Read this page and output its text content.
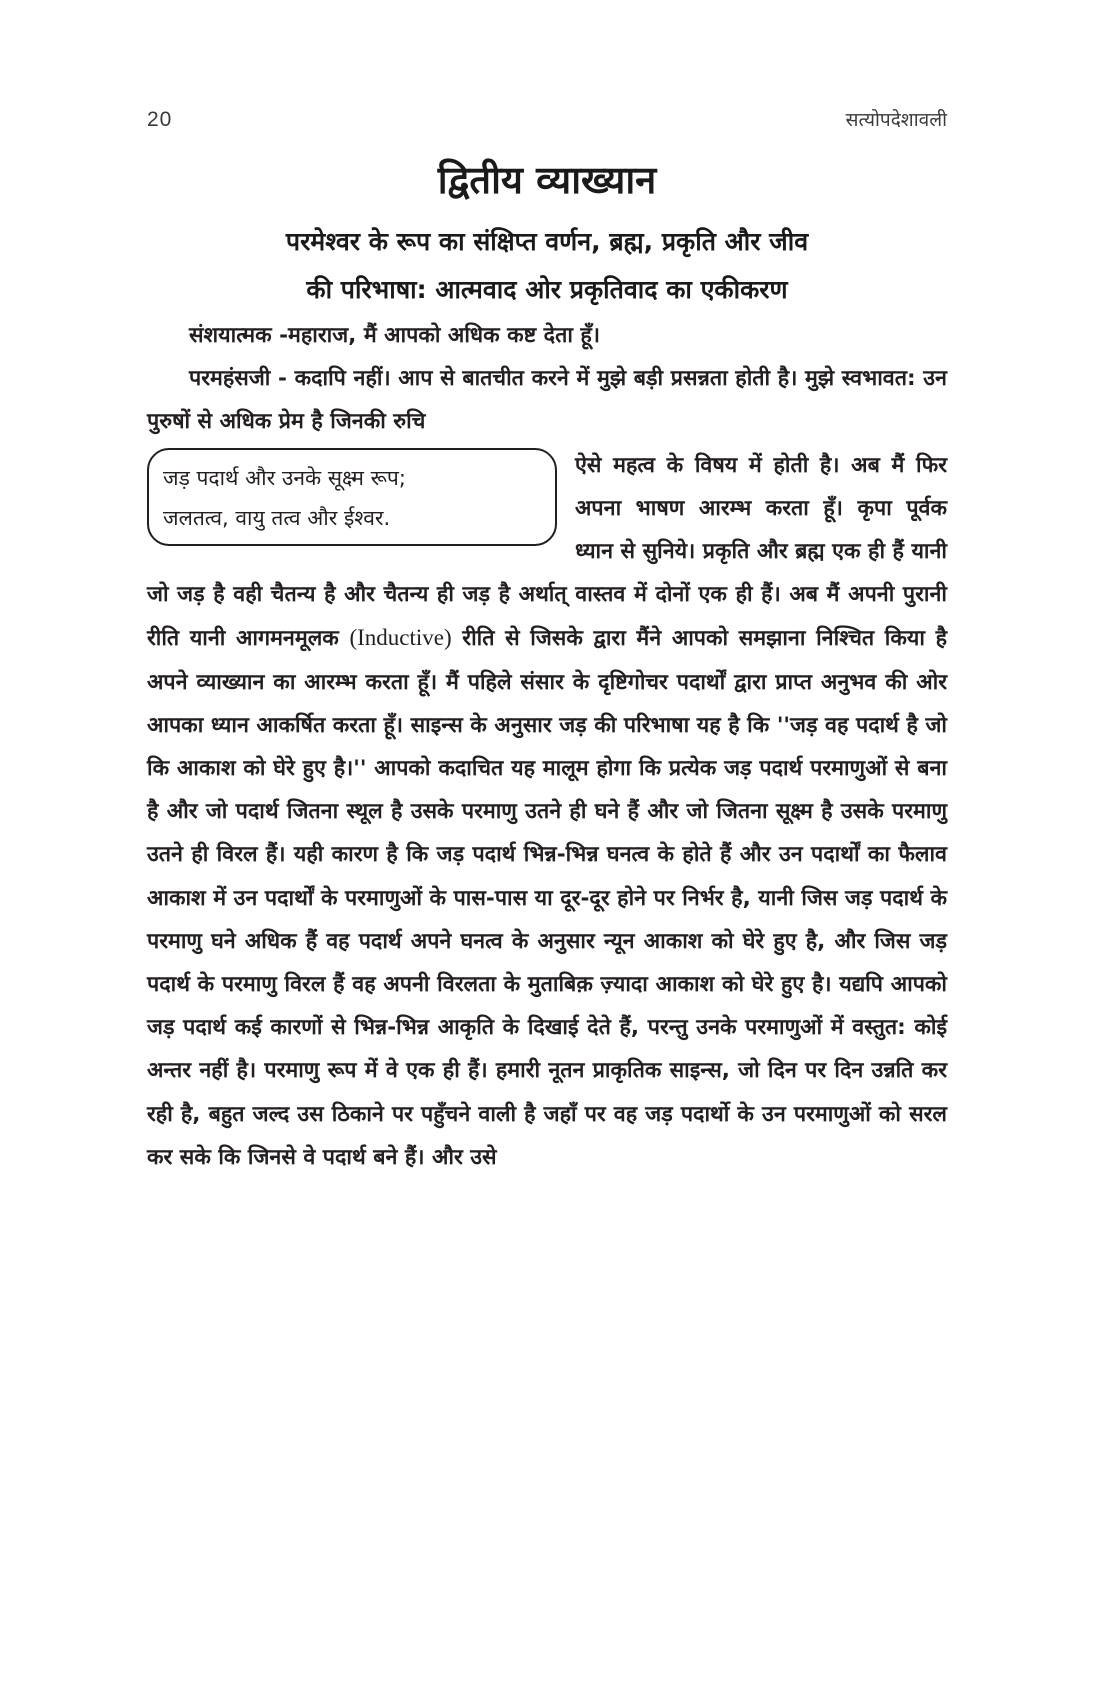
20	सत्योपदेशावली
द्वितीय व्याख्यान
परमेश्वर के रूप का संक्षिप्त वर्णन, ब्रह्म, प्रकृति और जीव
की परिभाषा: आत्मवाद ओर प्रकृतिवाद का एकीकरण

संशयात्मक -महाराज, मैं आपको अधिक कष्ट देता हूँ।

परमहंसजी - कदापि नहीं। आप से बातचीत करने में मुझे बड़ी प्रसन्नता होती है। मुझे स्वभावत: उन पुरुषों से अधिक प्रेम है जिनकी रुचि

जड़ पदार्थ और उनके सूक्ष्म रूप;
जलतत्व, वायु तत्व और ईश्वर.

ऐसे महत्व के विषय में होती है। अब मैं फिर अपना भाषण आरम्भ करता हूँ। कृपा पूर्वक ध्यान से सुनिये। प्रकृति और ब्रह्म एक ही हैं यानी जो जड़ है वही चैतन्य है और चैतन्य ही जड़ है अर्थात् वास्तव में दोनों एक ही हैं। अब मैं अपनी पुरानी रीति यानी आगमनमूलक (Inductive) रीति से जिसके द्वारा मैंने आपको समझाना निश्चित किया है अपने व्याख्यान का आरम्भ करता हूँ। मैं पहिले संसार के दृष्टिगोचर पदार्थों द्वारा प्राप्त अनुभव की ओर आपका ध्यान आकर्षित करता हूँ। साइन्स के अनुसार जड़ की परिभाषा यह है कि ''जड़ वह पदार्थ है जो कि आकाश को घेरे हुए है।'' आपको कदाचित यह मालूम होगा कि प्रत्येक जड़ पदार्थ परमाणुओं से बना है और जो पदार्थ जितना स्थूल है उसके परमाणु उतने ही घने हैं और जो जितना सूक्ष्म है उसके परमाणु उतने ही विरल हैं। यही कारण है कि जड़ पदार्थ भिन्न-भिन्न घनत्व के होते हैं और उन पदार्थों का फैलाव आकाश में उन पदार्थों के परमाणुओं के पास-पास या दूर-दूर होने पर निर्भर है, यानी जिस जड़ पदार्थ के परमाणु घने अधिक हैं वह पदार्थ अपने घनत्व के अनुसार न्यून आकाश को घेरे हुए है, और जिस जड़ पदार्थ के परमाणु विरल हैं वह अपनी विरलता के मुताबिक़ ज़्यादा आकाश को घेरे हुए है। यद्यपि आपको जड़ पदार्थ कई कारणों से भिन्न-भिन्न आकृति के दिखाई देते हैं, परन्तु उनके परमाणुओं में वस्तुत: कोई अन्तर नहीं है। परमाणु रूप में वे एक ही हैं। हमारी नूतन प्राकृतिक साइन्स, जो दिन पर दिन उन्नति कर रही है, बहुत जल्द उस ठिकाने पर पहुँचने वाली है जहाँ पर वह जड़ पदार्थो के उन परमाणुओं को सरल कर सके कि जिनसे वे पदार्थ बने हैं। और उसे
